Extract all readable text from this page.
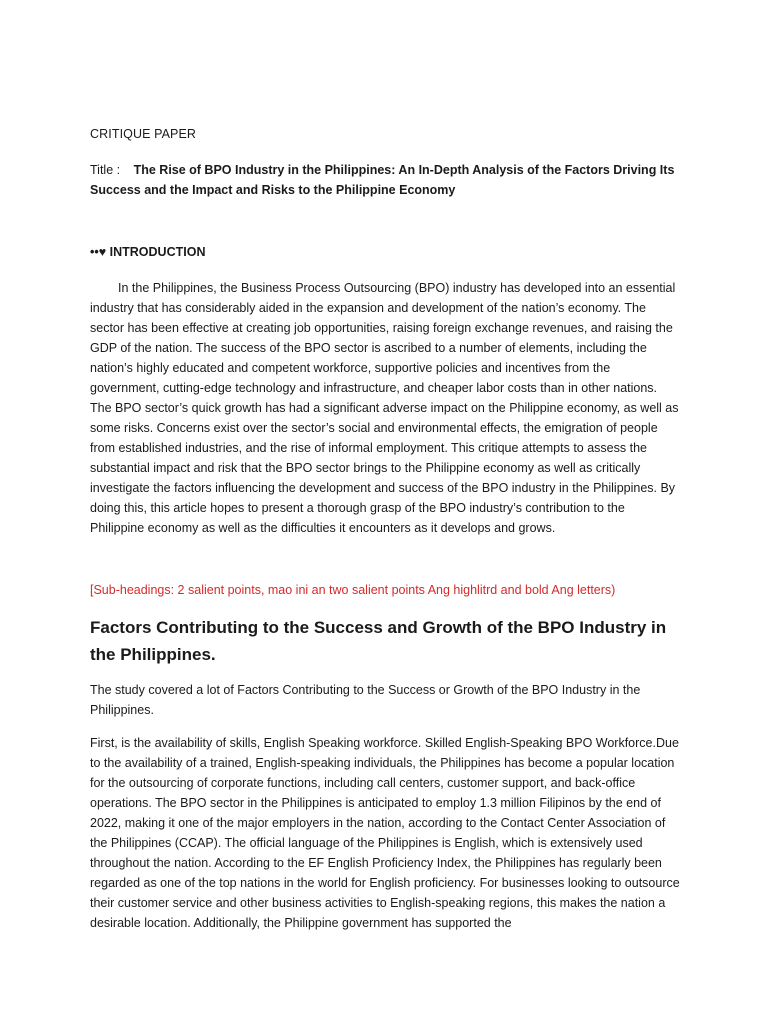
CRITIQUE PAPER
Title : The Rise of BPO Industry in the Philippines: An In-Depth Analysis of the Factors Driving Its Success and the Impact and Risks to the Philippine Economy
••♥ INTRODUCTION

In the Philippines, the Business Process Outsourcing (BPO) industry has developed into an essential industry that has considerably aided in the expansion and development of the nation’s economy. The sector has been effective at creating job opportunities, raising foreign exchange revenues, and raising the GDP of the nation. The success of the BPO sector is ascribed to a number of elements, including the nation’s highly educated and competent workforce, supportive policies and incentives from the government, cutting-edge technology and infrastructure, and cheaper labor costs than in other nations. The BPO sector’s quick growth has had a significant adverse impact on the Philippine economy, as well as some risks. Concerns exist over the sector’s social and environmental effects, the emigration of people from established industries, and the rise of informal employment. This critique attempts to assess the substantial impact and risk that the BPO sector brings to the Philippine economy as well as critically investigate the factors influencing the development and success of the BPO industry in the Philippines. By doing this, this article hopes to present a thorough grasp of the BPO industry’s contribution to the Philippine economy as well as the difficulties it encounters as it develops and grows.

[Sub-headings: 2 salient points, mao ini an two salient points Ang highlitrd and bold Ang letters)
Factors Contributing to the Success and Growth of the BPO Industry in the Philippines.

The study covered a lot of Factors Contributing to the Success or Growth of the BPO Industry in the Philippines.

First, is the availability of skills, English Speaking workforce. Skilled English-Speaking BPO Workforce.Due to the availability of a trained, English-speaking individuals, the Philippines has become a popular location for the outsourcing of corporate functions, including call centers, customer support, and back-office operations. The BPO sector in the Philippines is anticipated to employ 1.3 million Filipinos by the end of 2022, making it one of the major employers in the nation, according to the Contact Center Association of the Philippines (CCAP). The official language of the Philippines is English, which is extensively used throughout the nation. According to the EF English Proficiency Index, the Philippines has regularly been regarded as one of the top nations in the world for English proficiency. For businesses looking to outsource their customer service and other business activities to English-speaking regions, this makes the nation a desirable location. Additionally, the Philippine government has supported the
